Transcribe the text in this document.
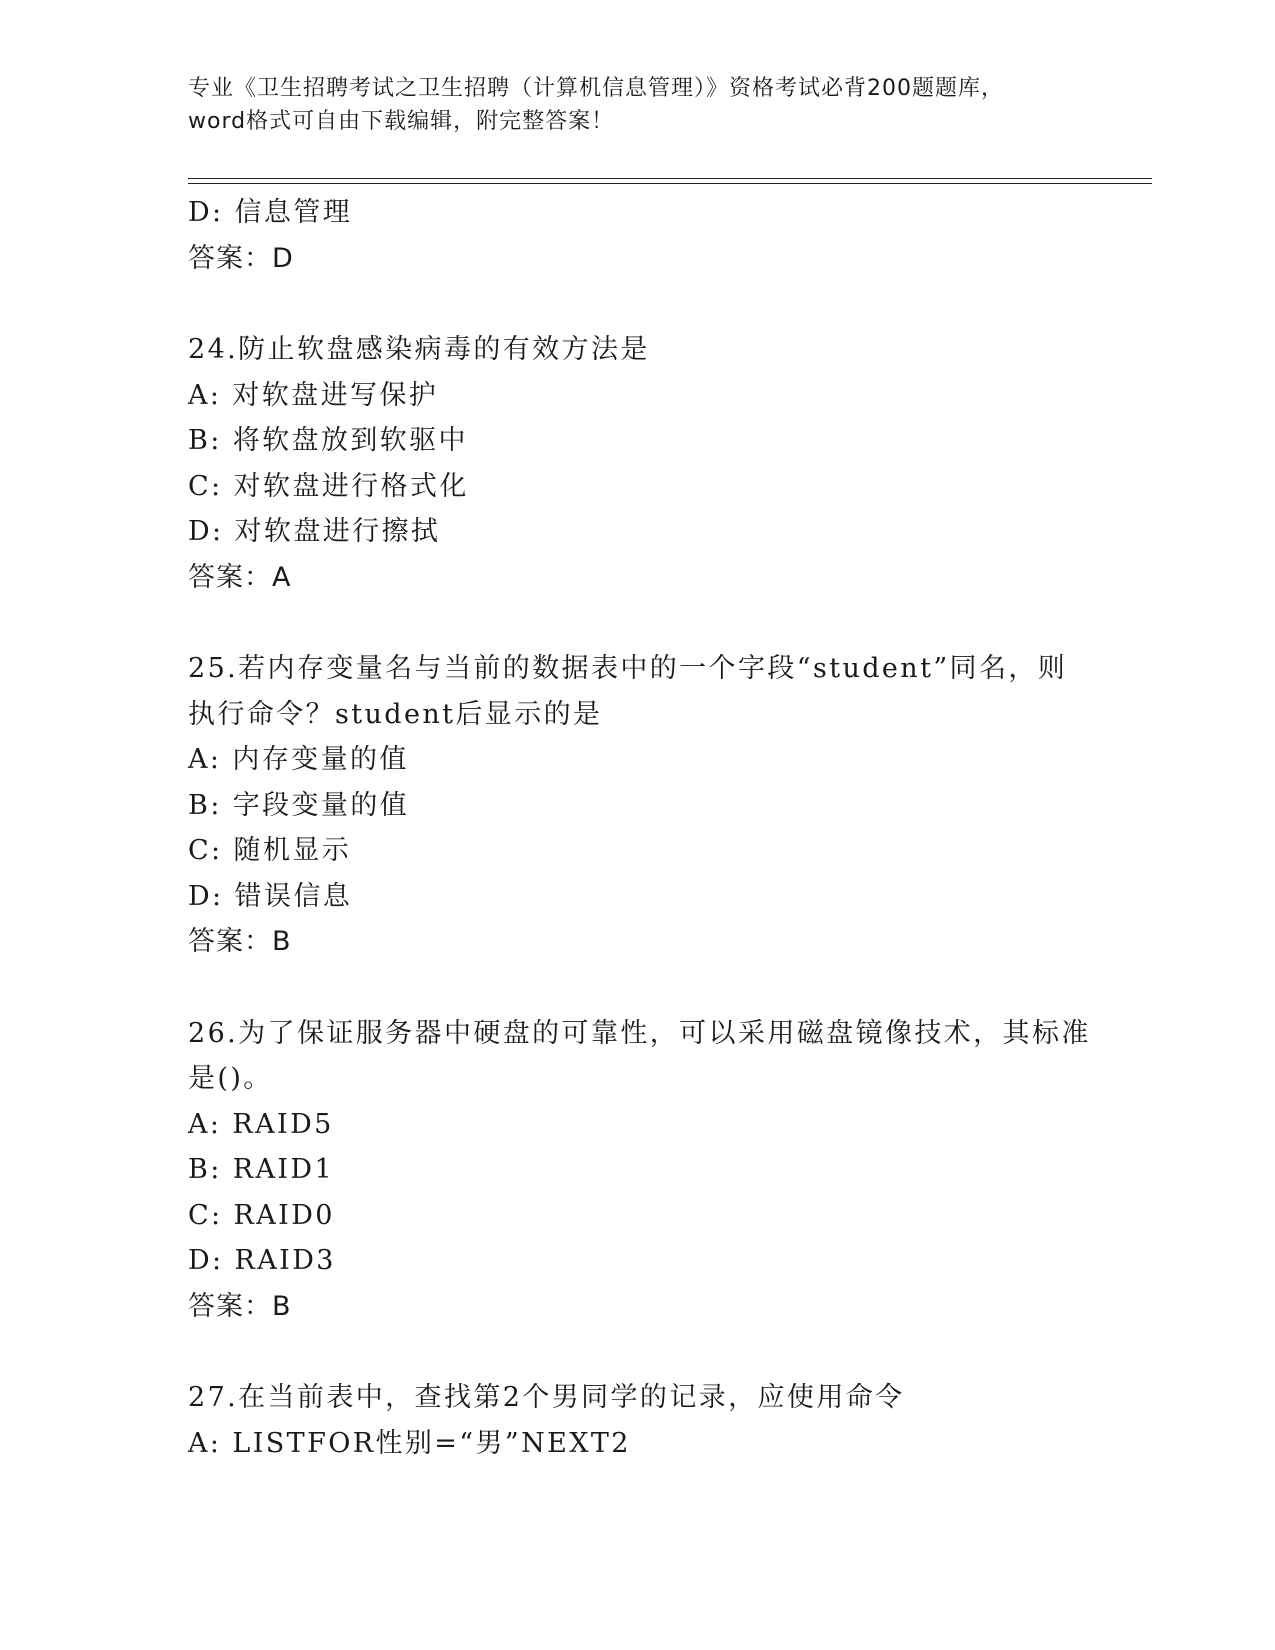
专业《卫生招聘考试之卫生招聘（计算机信息管理）》资格考试必背200题题库，

word格式可自由下载编辑，附完整答案！

D: 信息管理
答案：D
24.防止软盘感染病毒的有效方法是
A: 对软盘进写保护
B: 将软盘放到软驱中
C: 对软盘进行格式化
D: 对软盘进行擦拭
答案：A
25.若内存变量名与当前的数据表中的一个字段“student”同名，则
执行命令？student后显示的是
A: 内存变量的值
B: 字段变量的值
C: 随机显示
D: 错误信息
答案：B
26.为了保证服务器中硬盘的可靠性，可以采用磁盘镜像技术，其标准
是()。
A: RAID5
B: RAID1
C: RAID0
D: RAID3
答案：B
27.在当前表中，查找第2个男同学的记录，应使用命令
A: LISTFOR性别=“男”NEXT2
